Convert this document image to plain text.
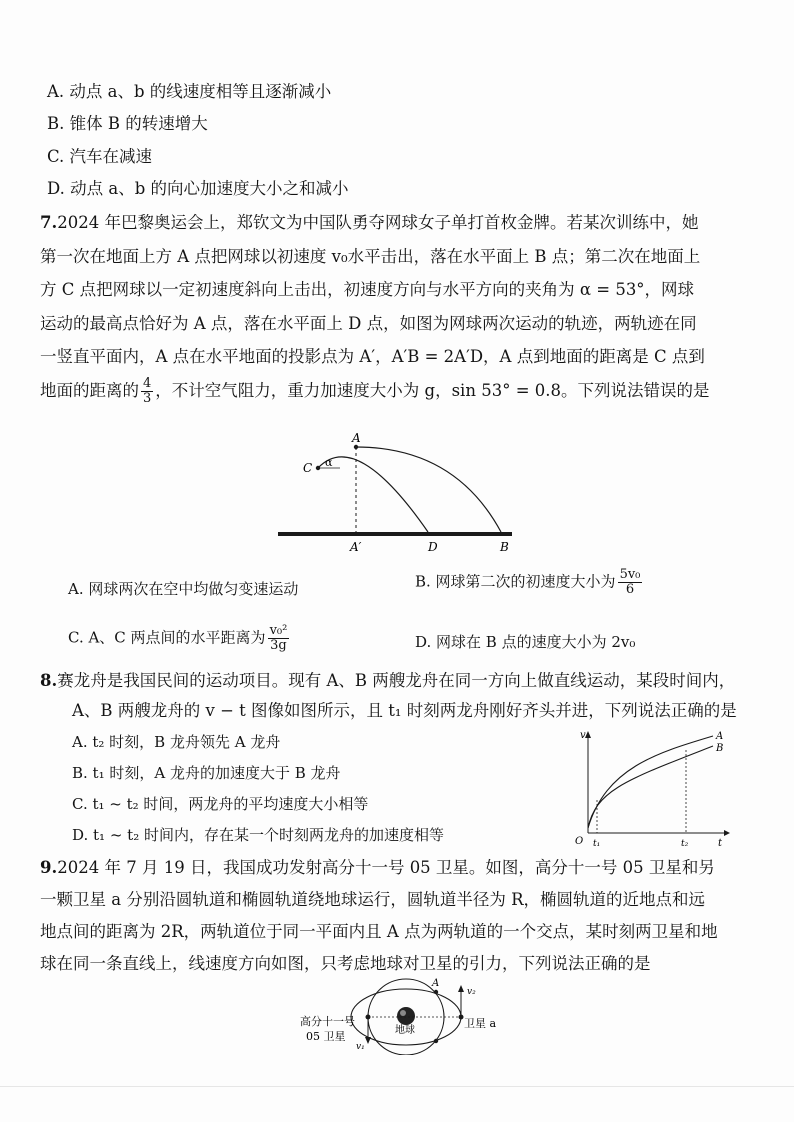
A. 动点 a、b 的线速度相等且逐渐减小
B. 锥体 B 的转速增大
C. 汽车在减速
D. 动点 a、b 的向心加速度大小之和减小
7.2024 年巴黎奥运会上，郑钦文为中国队勇夺网球女子单打首枚金牌。若某次训练中，她第一次在地面上方 A 点把网球以初速度 v₀水平击出，落在水平面上 B 点；第二次在地面上方 C 点把网球以一定初速度斜向上击出，初速度方向与水平方向的夹角为 α = 53°，网球运动的最高点恰好为 A 点，落在水平面上 D 点，如图为网球两次运动的轨迹，两轨迹在同一竖直平面内，A 点在水平地面的投影点为 A′，A′B = 2A′D，A 点到地面的距离是 C 点到地面的距离的 $\frac{4}{3}$ ，不计空气阻力，重力加速度大小为 g，sin 53° = 0.8。下列说法错误的是
A
C α
A′	D	B
A. 网球两次在空中均做匀变速运动	B. 网球第二次的初速度大小为 $\frac{\text{5v₀}}{6}$
C. A、C 两点间的水平距离为 $\frac{\text{v₀²}}{3g}$	D. 网球在 B 点的速度大小为 2v₀
8.赛龙舟是我国民间的运动项目。现有 A、B 两艘龙舟在同一方向上做直线运动，某段时间内，
A、B 两艘龙舟的 v − t 图像如图所示，且 t₁ 时刻两龙舟刚好齐头并进，下列说法正确的是
A. t₂ 时刻，B 龙舟领先 A 龙舟
B. t₁ 时刻，A 龙舟的加速度大于 B 龙舟
C. t₁ ~ t₂ 时间，两龙舟的平均速度大小相等
D. t₁ ~ t₂ 时间内，存在某一个时刻两龙舟的加速度相等
v
t
O t₁	t₂
A
B
9.2024 年 7 月 19 日，我国成功发射高分十一号 05 卫星。如图，高分十一号 05 卫星和另一颗卫星 a 分别沿圆轨道和椭圆轨道绕地球运行，圆轨道半径为 R，椭圆轨道的近地点和远地点间的距离为 2R，两轨道位于同一平面内且 A 点为两轨道的一个交点，某时刻两卫星和地球在同一条直线上，线速度方向如图，只考虑地球对卫星的引力，下列说法正确的是
A
v₁
v₂
地球
卫星 a
高分十一号
05 卫星
